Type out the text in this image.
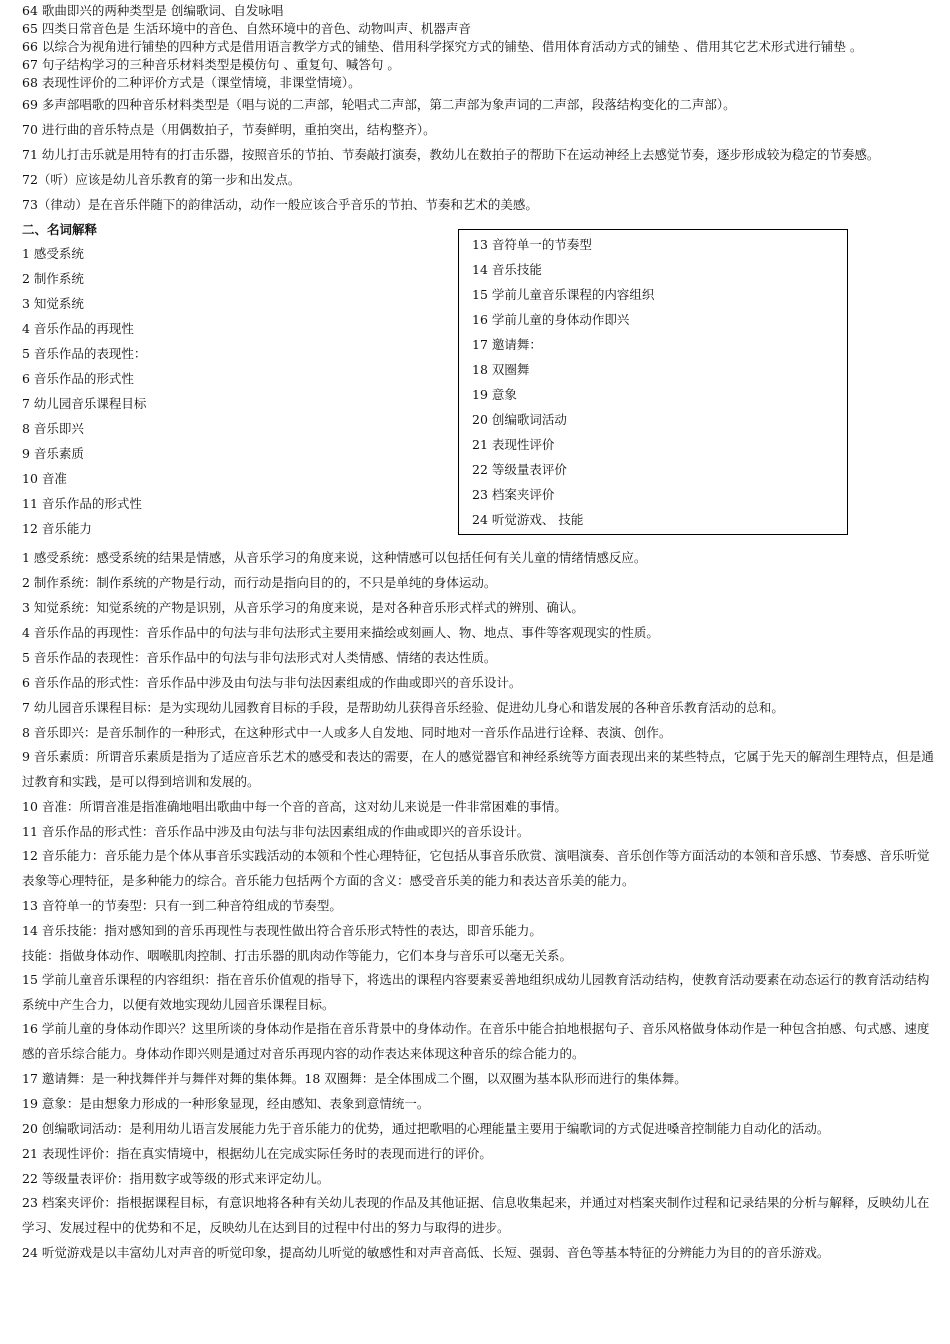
64 歌曲即兴的两种类型是 创编歌词、自发咏唱
65 四类日常音色是 生活环境中的音色、自然环境中的音色、动物叫声、机器声音
66 以综合为视角进行铺垫的四种方式是借用语言教学方式的铺垫、借用科学探究方式的铺垫、借用体育活动方式的铺垫 、借用其它艺术形式进行铺垫 。
67 句子结构学习的三种音乐材料类型是模仿句 、重复句、喊答句 。
68 表现性评价的二种评价方式是（课堂情境，非课堂情境）。
69 多声部唱歌的四种音乐材料类型是（唱与说的二声部，轮唱式二声部，第二声部为象声词的二声部，段落结构变化的二声部）。
70 进行曲的音乐特点是（用偶数拍子，节奏鲜明，重拍突出，结构整齐）。
71 幼儿打击乐就是用特有的打击乐器，按照音乐的节拍、节奏敲打演奏，教幼儿在数拍子的帮助下在运动神经上去感觉节奏，逐步形成较为稳定的节奏感。
72（听）应该是幼儿音乐教育的第一步和出发点。
73（律动）是在音乐伴随下的韵律活动，动作一般应该合乎音乐的节拍、节奏和艺术的美感。
二、名词解释
1 感受系统
2 制作系统
3 知觉系统
4 音乐作品的再现性
5 音乐作品的表现性：
6 音乐作品的形式性
7 幼儿园音乐课程目标
8 音乐即兴
9 音乐素质
10 音准
11 音乐作品的形式性
12 音乐能力
13 音符单一的节奏型
14 音乐技能
15 学前儿童音乐课程的内容组织
16 学前儿童的身体动作即兴
17 邀请舞：
18 双圈舞
19 意象
20 创编歌词活动
21 表现性评价
22 等级量表评价
23 档案夹评价
24 听觉游戏、 技能
1 感受系统：感受系统的结果是情感，从音乐学习的角度来说，这种情感可以包括任何有关儿童的情绪情感反应。
2 制作系统：制作系统的产物是行动，而行动是指向目的的，不只是单纯的身体运动。
3 知觉系统：知觉系统的产物是识别，从音乐学习的角度来说，是对各种音乐形式样式的辨別、确认。
4 音乐作品的再现性：音乐作品中的句法与非句法形式主要用来描绘或刻画人、物、地点、事件等客观现实的性质。
5 音乐作品的表现性：音乐作品中的句法与非句法形式对人类情感、情绪的表达性质。
6 音乐作品的形式性：音乐作品中涉及由句法与非句法因素组成的作曲或即兴的音乐设计。
7 幼儿园音乐课程目标：是为实现幼儿园教育目标的手段，是帮助幼儿获得音乐经验、促进幼儿身心和谐发展的各种音乐教育活动的总和。
8 音乐即兴：是音乐制作的一种形式，在这种形式中一人或多人自发地、同时地对一音乐作品进行诠释、表演、创作。
9 音乐素质：所谓音乐素质是指为了适应音乐艺术的感受和表达的需要，在人的感觉器官和神经系统等方面表现出来的某些特点，它属于先天的解剖生理特点，但是通过教育和实践，是可以得到培训和发展的。
10 音准：所谓音准是指准确地唱出歌曲中每一个音的音高，这对幼儿来说是一件非常困难的事情。
11 音乐作品的形式性：音乐作品中涉及由句法与非句法因素组成的作曲或即兴的音乐设计。
12 音乐能力：音乐能力是个体从事音乐实践活动的本领和个性心理特征，它包括从事音乐欣赏、演唱演奏、音乐创作等方面活动的本领和音乐感、节奏感、音乐听觉表象等心理特征，是多种能力的综合。音乐能力包括两个方面的含义：感受音乐美的能力和表达音乐美的能力。
13 音符单一的节奏型：只有一到二种音符组成的节奏型。
14 音乐技能：指对感知到的音乐再现性与表现性做出符合音乐形式特性的表达，即音乐能力。
技能：指做身体动作、咽喉肌肉控制、打击乐器的肌肉动作等能力，它们本身与音乐可以毫无关系。
15 学前儿童音乐课程的内容组织：指在音乐价值观的指导下，将选出的课程内容要素妥善地组织成幼儿园教育活动结构，使教育活动要素在动态运行的教育活动结构系统中产生合力，以便有效地实现幼儿园音乐课程目标。
16 学前儿童的身体动作即兴？这里所谈的身体动作是指在音乐背景中的身体动作。在音乐中能合拍地根据句子、音乐风格做身体动作是一种包含拍感、句式感、速度感的音乐综合能力。身体动作即兴则是通过对音乐再现内容的动作表达来体现这种音乐的综合能力的。
17 邀请舞：是一种找舞伴并与舞伴对舞的集体舞。18 双圈舞：是全体围成二个圈，以双圈为基本队形而进行的集体舞。
19 意象：是由想象力形成的一种形象显现，经由感知、表象到意情统一。
20 创编歌词活动：是利用幼儿语言发展能力先于音乐能力的优势，通过把歌唱的心理能量主要用于编歌词的方式促进嗓音控制能力自动化的活动。
21 表现性评价：指在真实情境中，根据幼儿在完成实际任务时的表现而进行的评价。
22 等级量表评价：指用数字或等级的形式来评定幼儿。
23 档案夹评价：指根据课程目标，有意识地将各种有关幼儿表现的作品及其他证据、信息收集起来，并通过对档案夹制作过程和记录结果的分析与解释，反映幼儿在学习、发展过程中的优势和不足，反映幼儿在达到目的过程中付出的努力与取得的进步。
24 听觉游戏是以丰富幼儿对声音的听觉印象，提高幼儿听觉的敏感性和对声音高低、长短、强弱、音色等基本特征的分辨能力为目的的音乐游戏。
